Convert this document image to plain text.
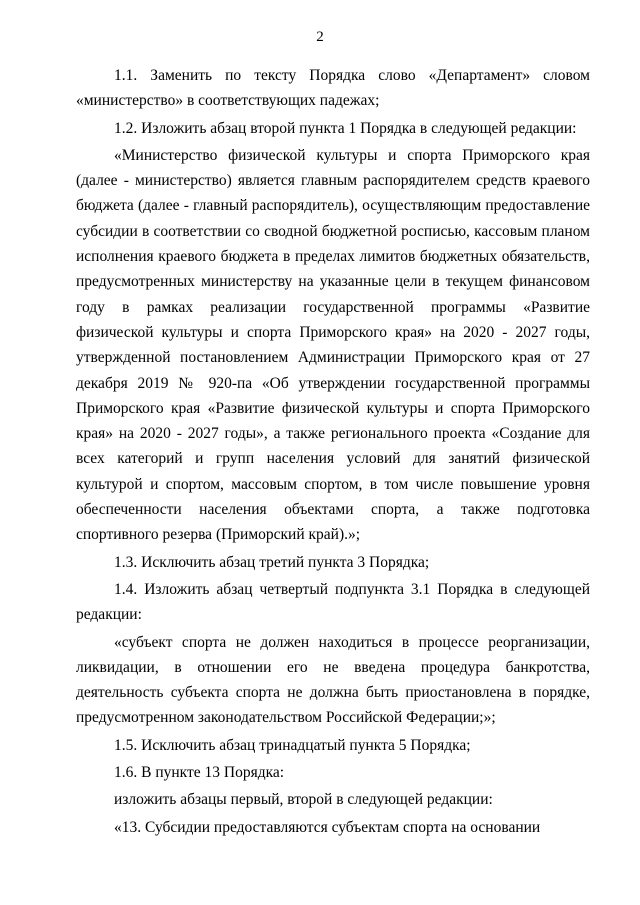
2

1.1. Заменить по тексту Порядка слово «Департамент» словом «министерство» в соответствующих падежах;

1.2. Изложить абзац второй пункта 1 Порядка в следующей редакции:

«Министерство физической культуры и спорта Приморского края (далее - министерство) является главным распорядителем средств краевого бюджета (далее - главный распорядитель), осуществляющим предоставление субсидии в соответствии со сводной бюджетной росписью, кассовым планом исполнения краевого бюджета в пределах лимитов бюджетных обязательств, предусмотренных министерству на указанные цели в текущем финансовом году в рамках реализации государственной программы «Развитие физической культуры и спорта Приморского края» на 2020 - 2027 годы, утвержденной постановлением Администрации Приморского края от 27 декабря 2019 № 920-па «Об утверждении государственной программы Приморского края «Развитие физической культуры и спорта Приморского края» на 2020 - 2027 годы», а также регионального проекта «Создание для всех категорий и групп населения условий для занятий физической культурой и спортом, массовым спортом, в том числе повышение уровня обеспеченности населения объектами спорта, а также подготовка спортивного резерва (Приморский край).»;

1.3. Исключить абзац третий пункта 3 Порядка;

1.4. Изложить абзац четвертый подпункта 3.1 Порядка в следующей редакции:

«субъект спорта не должен находиться в процессе реорганизации, ликвидации, в отношении его не введена процедура банкротства, деятельность субъекта спорта не должна быть приостановлена в порядке, предусмотренном законодательством Российской Федерации;»;

1.5. Исключить абзац тринадцатый пункта 5 Порядка;

1.6. В пункте 13 Порядка:

изложить абзацы первый, второй в следующей редакции:

«13. Субсидии предоставляются субъектам спорта на основании
